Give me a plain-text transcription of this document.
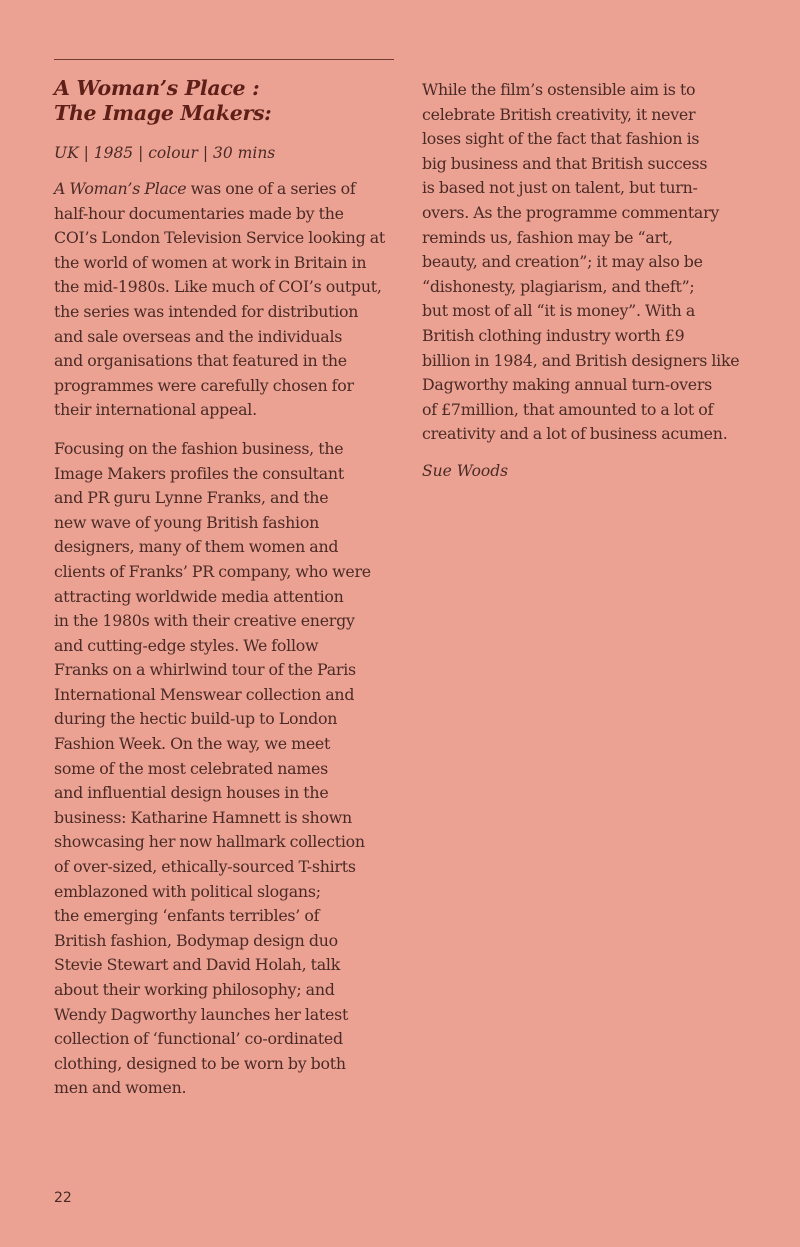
A Woman’s Place :
The Image Makers:

UK | 1985 | colour | 30 mins

A Woman’s Place was one of a series of
half-hour documentaries made by the
COI’s London Television Service looking at
the world of women at work in Britain in
the mid-1980s. Like much of COI’s output,
the series was intended for distribution
and sale overseas and the individuals
and organisations that featured in the
programmes were carefully chosen for
their international appeal.

Focusing on the fashion business, the
Image Makers profiles the consultant
and PR guru Lynne Franks, and the
new wave of young British fashion
designers, many of them women and
clients of Franks’ PR company, who were
attracting worldwide media attention
in the 1980s with their creative energy
and cutting-edge styles. We follow
Franks on a whirlwind tour of the Paris
International Menswear collection and
during the hectic build-up to London
Fashion Week. On the way, we meet
some of the most celebrated names
and influential design houses in the
business: Katharine Hamnett is shown
showcasing her now hallmark collection
of over-sized, ethically-sourced T-shirts
emblazoned with political slogans;
the emerging ‘enfants terribles’ of
British fashion, Bodymap design duo
Stevie Stewart and David Holah, talk
about their working philosophy; and
Wendy Dagworthy launches her latest
collection of ‘functional’ co-ordinated
clothing, designed to be worn by both
men and women.

While the film’s ostensible aim is to
celebrate British creativity, it never
loses sight of the fact that fashion is
big business and that British success
is based not just on talent, but turn-
overs. As the programme commentary
reminds us, fashion may be “art,
beauty, and creation”; it may also be
“dishonesty, plagiarism, and theft”;
but most of all “it is money”. With a
British clothing industry worth £9
billion in 1984, and British designers like
Dagworthy making annual turn-overs
of £7million, that amounted to a lot of
creativity and a lot of business acumen.

Sue Woods

22
